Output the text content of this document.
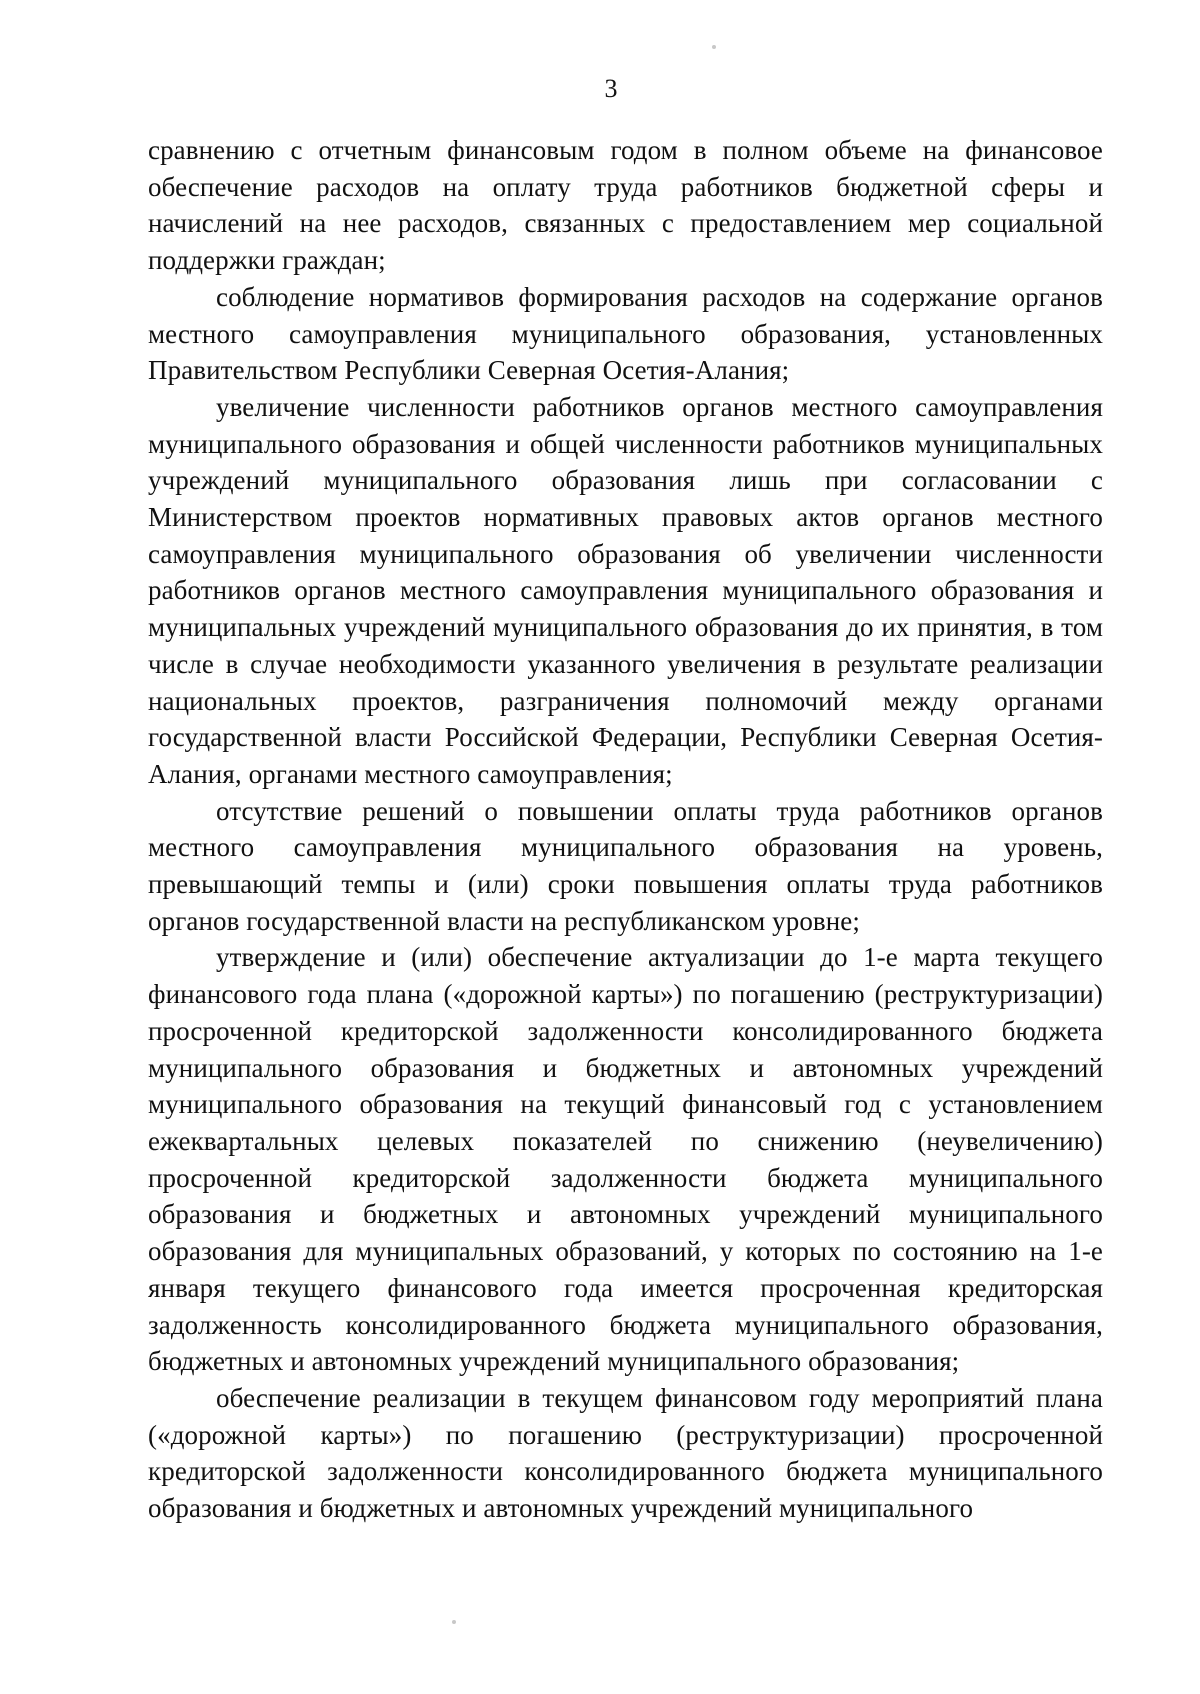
3

сравнению с отчетным финансовым годом в полном объеме на финансовое обеспечение расходов на оплату труда работников бюджетной сферы и начислений на нее расходов, связанных с предоставлением мер социальной поддержки граждан;

соблюдение нормативов формирования расходов на содержание органов местного самоуправления муниципального образования, установленных Правительством Республики Северная Осетия-Алания;

увеличение численности работников органов местного самоуправления муниципального образования и общей численности работников муниципальных учреждений муниципального образования лишь при согласовании с Министерством проектов нормативных правовых актов органов местного самоуправления муниципального образования об увеличении численности работников органов местного самоуправления муниципального образования и муниципальных учреждений муниципального образования до их принятия, в том числе в случае необходимости указанного увеличения в результате реализации национальных проектов, разграничения полномочий между органами государственной власти Российской Федерации, Республики Северная Осетия-Алания, органами местного самоуправления;

отсутствие решений о повышении оплаты труда работников органов местного самоуправления муниципального образования на уровень, превышающий темпы и (или) сроки повышения оплаты труда работников органов государственной власти на республиканском уровне;

утверждение и (или) обеспечение актуализации до 1-е марта текущего финансового года плана («дорожной карты») по погашению (реструктуризации) просроченной кредиторской задолженности консолидированного бюджета муниципального образования и бюджетных и автономных учреждений муниципального образования на текущий финансовый год с установлением ежеквартальных целевых показателей по снижению (неувеличению) просроченной кредиторской задолженности бюджета муниципального образования и бюджетных и автономных учреждений муниципального образования для муниципальных образований, у которых по состоянию на 1-е января текущего финансового года имеется просроченная кредиторская задолженность консолидированного бюджета муниципального образования, бюджетных и автономных учреждений муниципального образования;

обеспечение реализации в текущем финансовом году мероприятий плана («дорожной карты») по погашению (реструктуризации) просроченной кредиторской задолженности консолидированного бюджета муниципального образования и бюджетных и автономных учреждений муниципального
